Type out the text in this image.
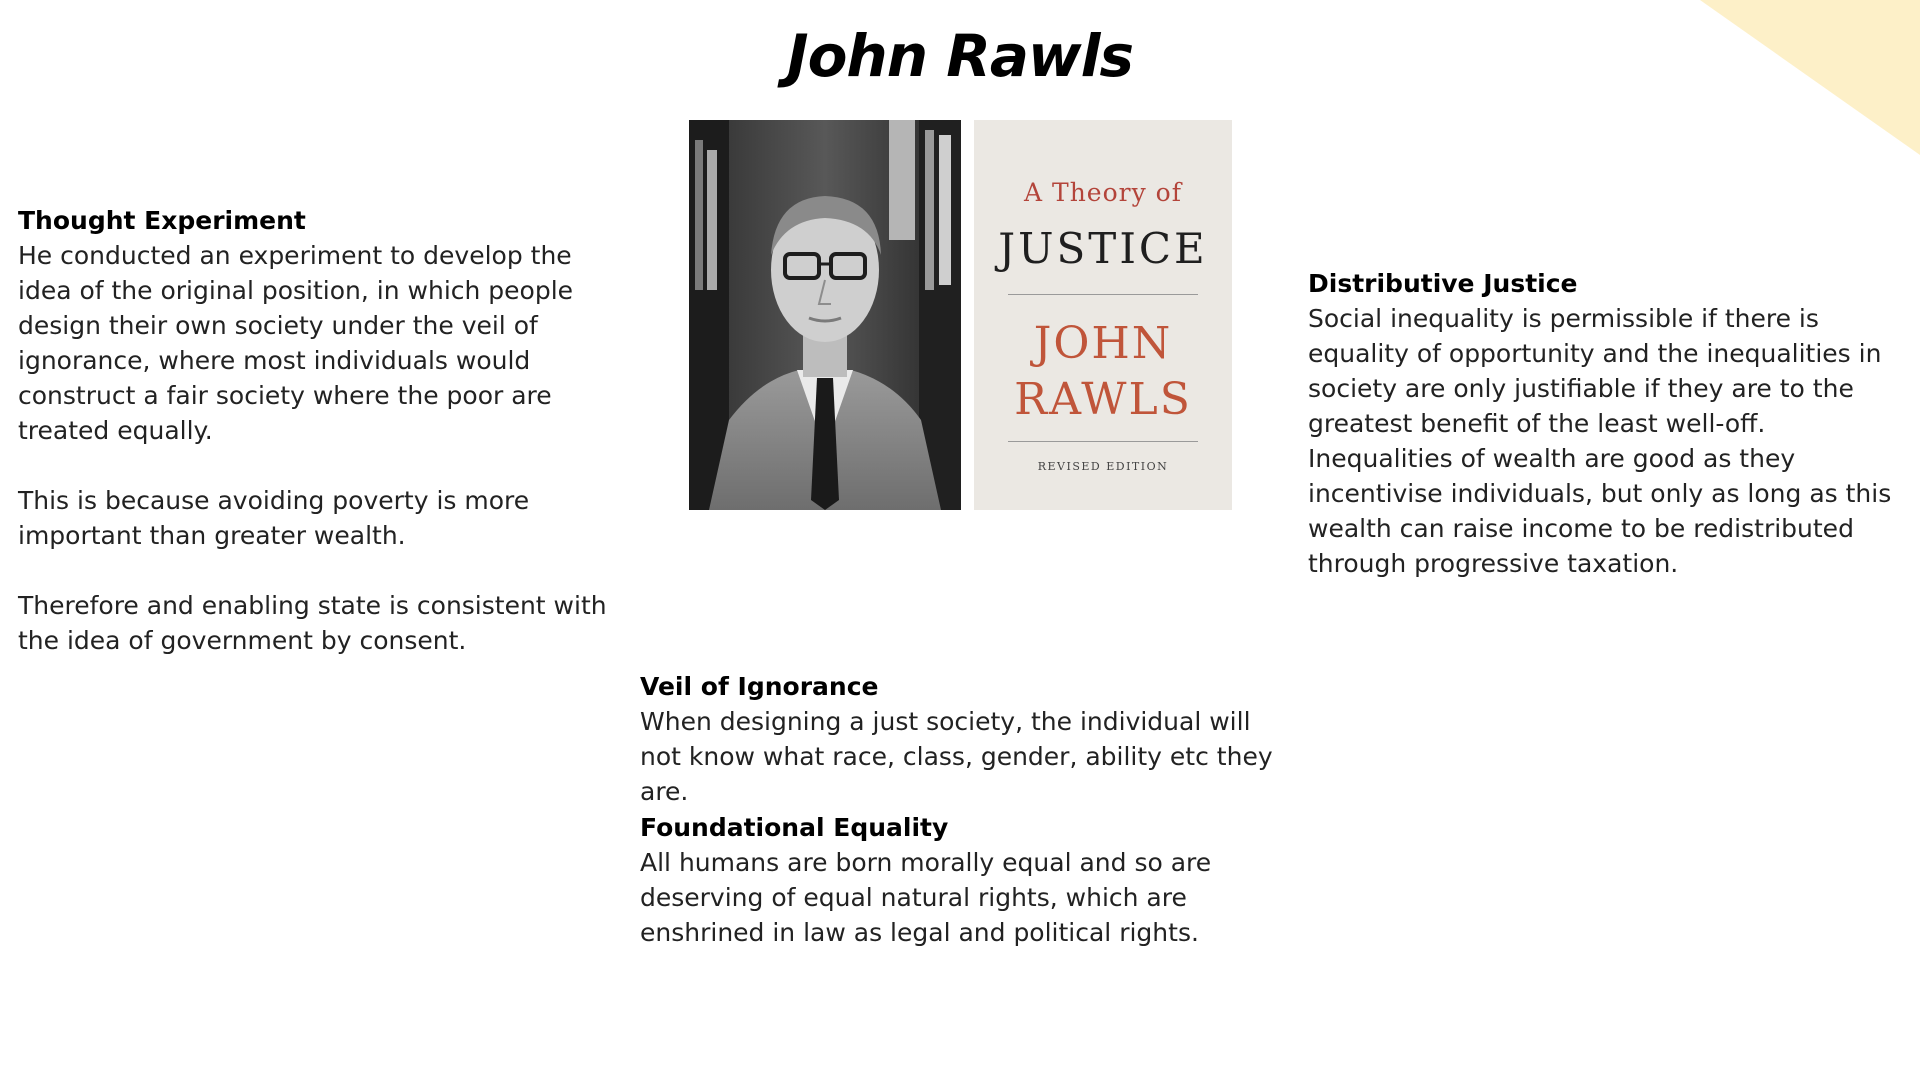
John Rawls
A Theory of
JUSTICE
JOHN
RAWLS
REVISED EDITION
Thought Experiment

He conducted an experiment to develop the idea of the original position, in which people design their own society under the veil of ignorance, where most individuals would construct a fair society where the poor are treated equally.

This is because avoiding poverty is more important than greater wealth.

Therefore and enabling state is consistent with the idea of government by consent.

Distributive Justice

Social inequality is permissible if there is equality of opportunity and the inequalities in society are only justifiable if they are to the greatest benefit of the least well-off. Inequalities of wealth are good as they incentivise individuals, but only as long as this wealth can raise income to be redistributed through progressive taxation.

Veil of Ignorance

When designing a just society, the individual will not know what race, class, gender, ability etc they are.

Foundational Equality

All humans are born morally equal and so are deserving of equal natural rights, which are enshrined in law as legal and political rights.
